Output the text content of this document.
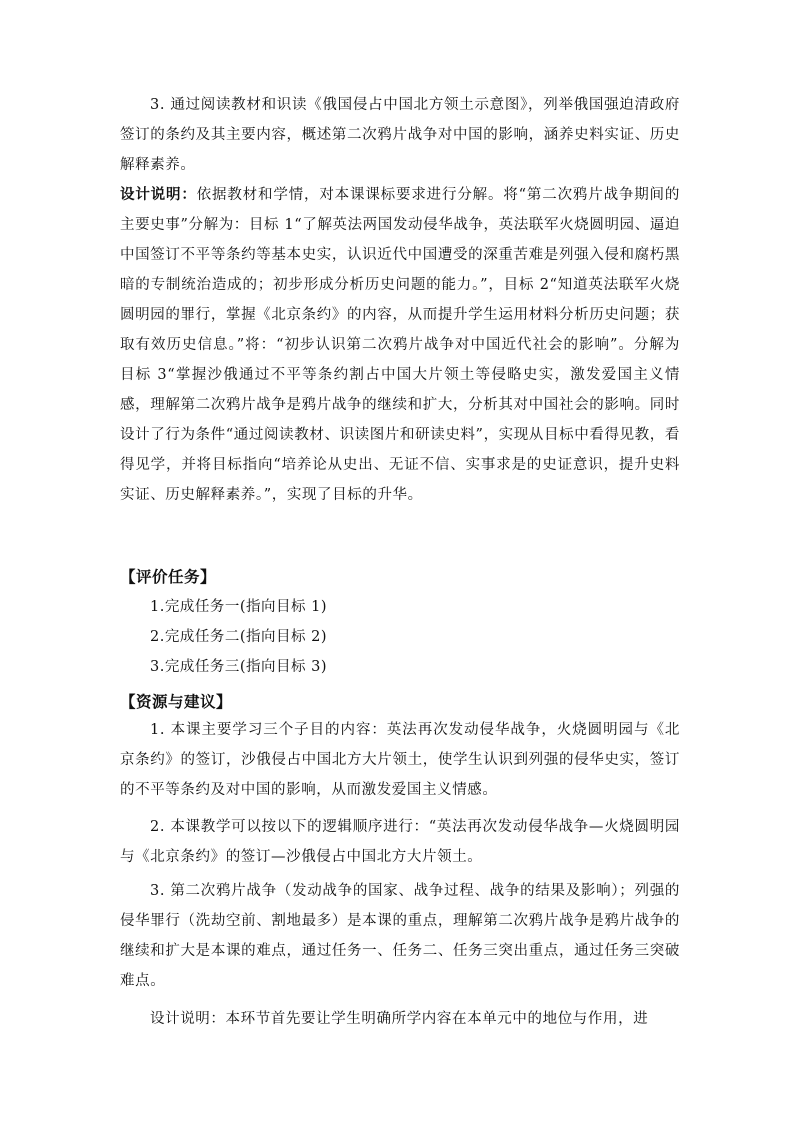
3. 通过阅读教材和识读《俄国侵占中国北方领土示意图》，列举俄国强迫清政府签订的条约及其主要内容，概述第二次鸦片战争对中国的影响，涵养史料实证、历史解释素养。

设计说明：依据教材和学情，对本课课标要求进行分解。将“第二次鸦片战争期间的主要史事”分解为：目标 1“了解英法两国发动侵华战争，英法联军火烧圆明园、逼迫中国签订不平等条约等基本史实，认识近代中国遭受的深重苦难是列强入侵和腐朽黑暗的专制统治造成的；初步形成分析历史问题的能力。”，目标 2“知道英法联军火烧圆明园的罪行，掌握《北京条约》的内容，从而提升学生运用材料分析历史问题；获取有效历史信息。”将：“初步认识第二次鸦片战争对中国近代社会的影响”。分解为目标 3“掌握沙俄通过不平等条约割占中国大片领土等侵略史实，激发爱国主义情感，理解第二次鸦片战争是鸦片战争的继续和扩大，分析其对中国社会的影响。同时设计了行为条件“通过阅读教材、识读图片和研读史料”，实现从目标中看得见教，看得见学，并将目标指向“培养论从史出、无证不信、实事求是的史证意识，提升史料实证、历史解释素养。”，实现了目标的升华。

【评价任务】

1.完成任务一(指向目标 1)

2.完成任务二(指向目标 2)

3.完成任务三(指向目标 3)

【资源与建议】

1. 本课主要学习三个子目的内容：英法再次发动侵华战争，火烧圆明园与《北京条约》的签订，沙俄侵占中国北方大片领土，使学生认识到列强的侵华史实，签订的不平等条约及对中国的影响，从而激发爱国主义情感。

2. 本课教学可以按以下的逻辑顺序进行：“英法再次发动侵华战争—火烧圆明园与《北京条约》的签订—沙俄侵占中国北方大片领土。

3. 第二次鸦片战争（发动战争的国家、战争过程、战争的结果及影响）；列强的侵华罪行（洗劫空前、割地最多）是本课的重点，理解第二次鸦片战争是鸦片战争的继续和扩大是本课的难点，通过任务一、任务二、任务三突出重点，通过任务三突破难点。

设计说明：本环节首先要让学生明确所学内容在本单元中的地位与作用，进
